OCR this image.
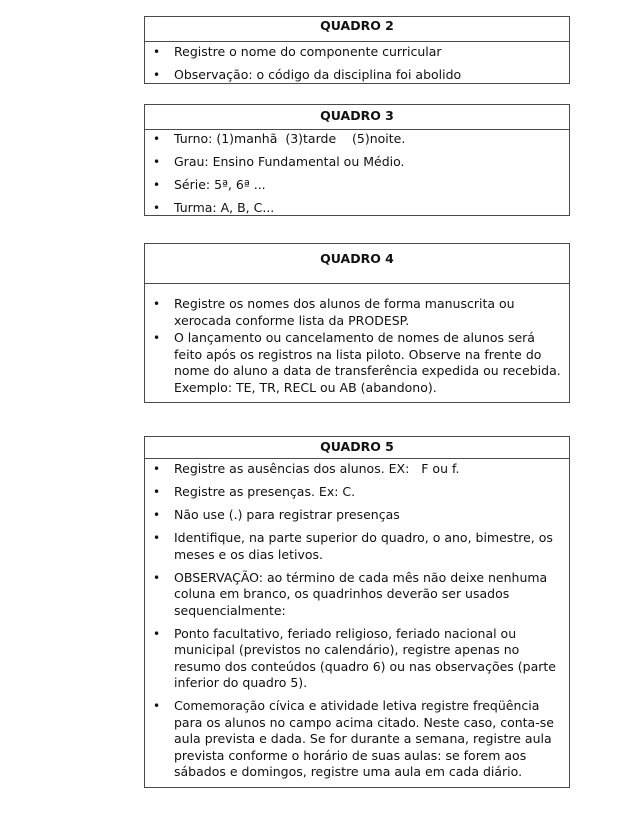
QUADRO 2
• Registre o nome do componente curricular
• Observação: o código da disciplina foi abolido
QUADRO 3
• Turno: (1)manhã  (3)tarde    (5)noite.
• Grau: Ensino Fundamental ou Médio.
• Série: 5ª, 6ª ...
• Turma: A, B, C...
QUADRO 4
• Registre os nomes dos alunos de forma manuscrita ou xerocada conforme lista da PRODESP.
• O lançamento ou cancelamento de nomes de alunos será feito após os registros na lista piloto. Observe na frente do nome do aluno a data de transferência expedida ou recebida. Exemplo: TE, TR, RECL ou AB (abandono).
QUADRO 5
• Registre as ausências dos alunos. EX:   F ou f.
• Registre as presenças. Ex: C.
• Não use (.) para registrar presenças
• Identifique, na parte superior do quadro, o ano, bimestre, os meses e os dias letivos.
• OBSERVAÇÃO: ao término de cada mês não deixe nenhuma coluna em branco, os quadrinhos deverão ser usados sequencialmente:
• Ponto facultativo, feriado religioso, feriado nacional ou municipal (previstos no calendário), registre apenas no resumo dos conteúdos (quadro 6) ou nas observações (parte inferior do quadro 5).
• Comemoração cívica e atividade letiva registre freqüência para os alunos no campo acima citado. Neste caso, conta-se aula prevista e dada. Se for durante a semana, registre aula prevista conforme o horário de suas aulas: se forem aos sábados e domingos, registre uma aula em cada diário.
